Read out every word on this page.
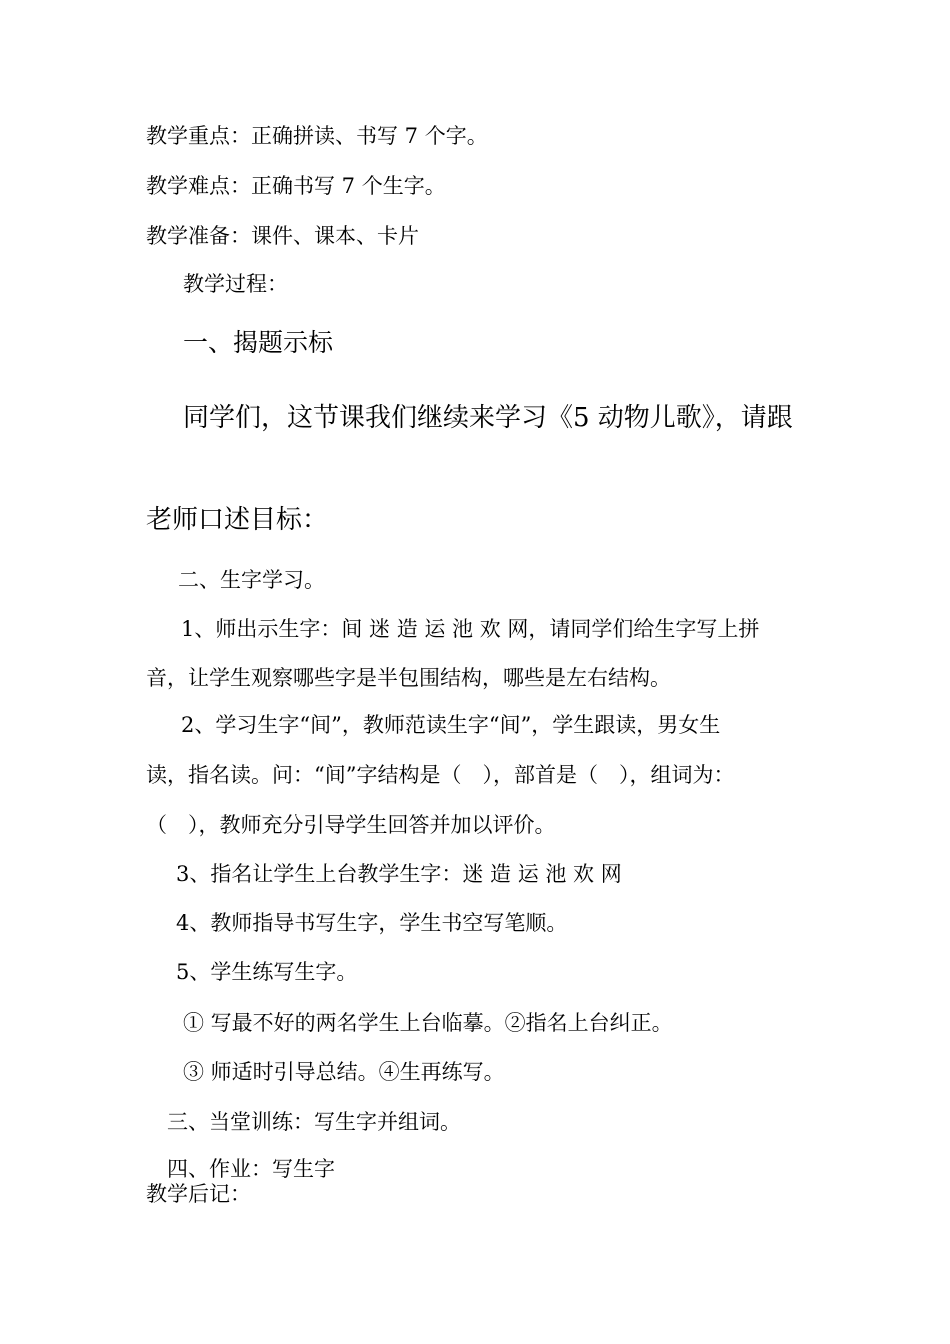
教学重点：正确拼读、书写 7 个字。
教学难点：正确书写 7 个生字。
教学准备：课件、课本、卡片
教学过程：
一、揭题示标
同学们，这节课我们继续来学习《5 动物儿歌》，请跟
老师口述目标：
二、生字学习。
1、师出示生字：间 迷 造 运 池 欢 网，请同学们给生字写上拼
音，让学生观察哪些字是半包围结构，哪些是左右结构。
2、学习生字“间”，教师范读生字“间”，学生跟读，男女生
读，指名读。问：“间”字结构是（　），部首是（　），组词为：
（　），教师充分引导学生回答并加以评价。
3、指名让学生上台教学生字：迷 造 运 池 欢 网
4、教师指导书写生字，学生书空写笔顺。
5、学生练写生字。
① 写最不好的两名学生上台临摹。②指名上台纠正。
③ 师适时引导总结。④生再练写。
三、当堂训练：写生字并组词。
四、作业：写生字
教学后记：
